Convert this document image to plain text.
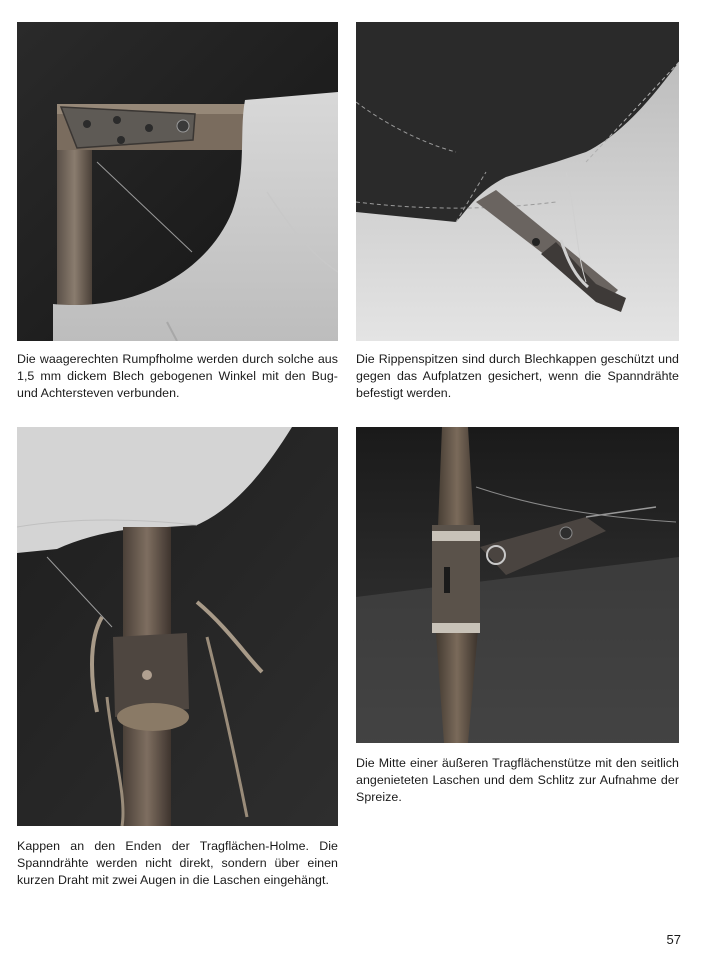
Die waagerechten Rumpfholme werden durch solche aus 1,5 mm dickem Blech gebogenen Winkel mit den Bug- und Achtersteven verbunden.
Die Rippenspitzen sind durch Blechkappen geschützt und gegen das Aufplatzen gesichert, wenn die Spanndrähte befestigt werden.
Die Mitte einer äußeren Tragflächenstütze mit den seitlich angenieteten Laschen und dem Schlitz zur Aufnahme der Spreize.
Kappen an den Enden der Tragflächen-Holme. Die Spanndrähte werden nicht direkt, sondern über einen kurzen Draht mit zwei Augen in die Laschen eingehängt.
57
